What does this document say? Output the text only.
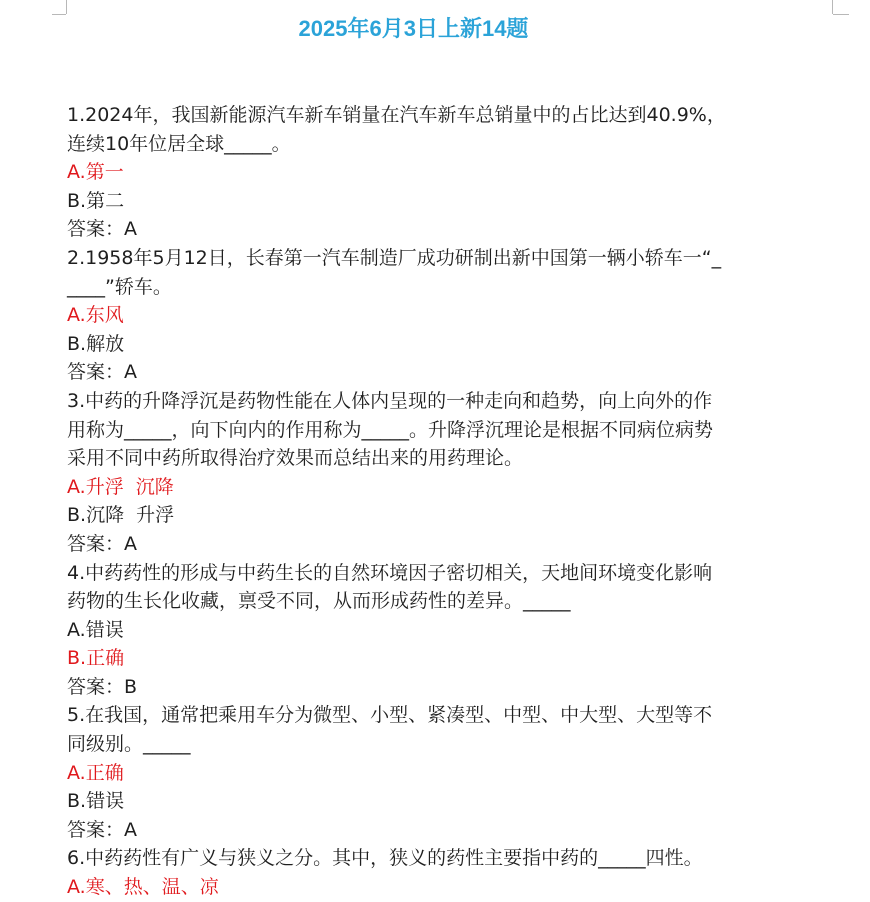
2025年6月3日上新14题
1.2024年，我国新能源汽车新车销量在汽车新车总销量中的占比达到40.9%，
连续10年位居全球_____。
A.第一
B.第二
答案：A
2.1958年5月12日，长春第一汽车制造厂成功研制出新中国第一辆小轿车一“_
____”轿车。
A.东风
B.解放
答案：A
3.中药的升降浮沉是药物性能在人体内呈现的一种走向和趋势，向上向外的作
用称为_____，向下向内的作用称为_____。升降浮沉理论是根据不同病位病势
采用不同中药所取得治疗效果而总结出来的用药理论。
A.升浮  沉降
B.沉降  升浮
答案：A
4.中药药性的形成与中药生长的自然环境因子密切相关，天地间环境变化影响
药物的生长化收藏，禀受不同，从而形成药性的差异。_____
A.错误
B.正确
答案：B
5.在我国，通常把乘用车分为微型、小型、紧凑型、中型、中大型、大型等不
同级别。_____
A.正确
B.错误
答案：A
6.中药药性有广义与狭义之分。其中，狭义的药性主要指中药的_____四性。
A.寒、热、温、凉
